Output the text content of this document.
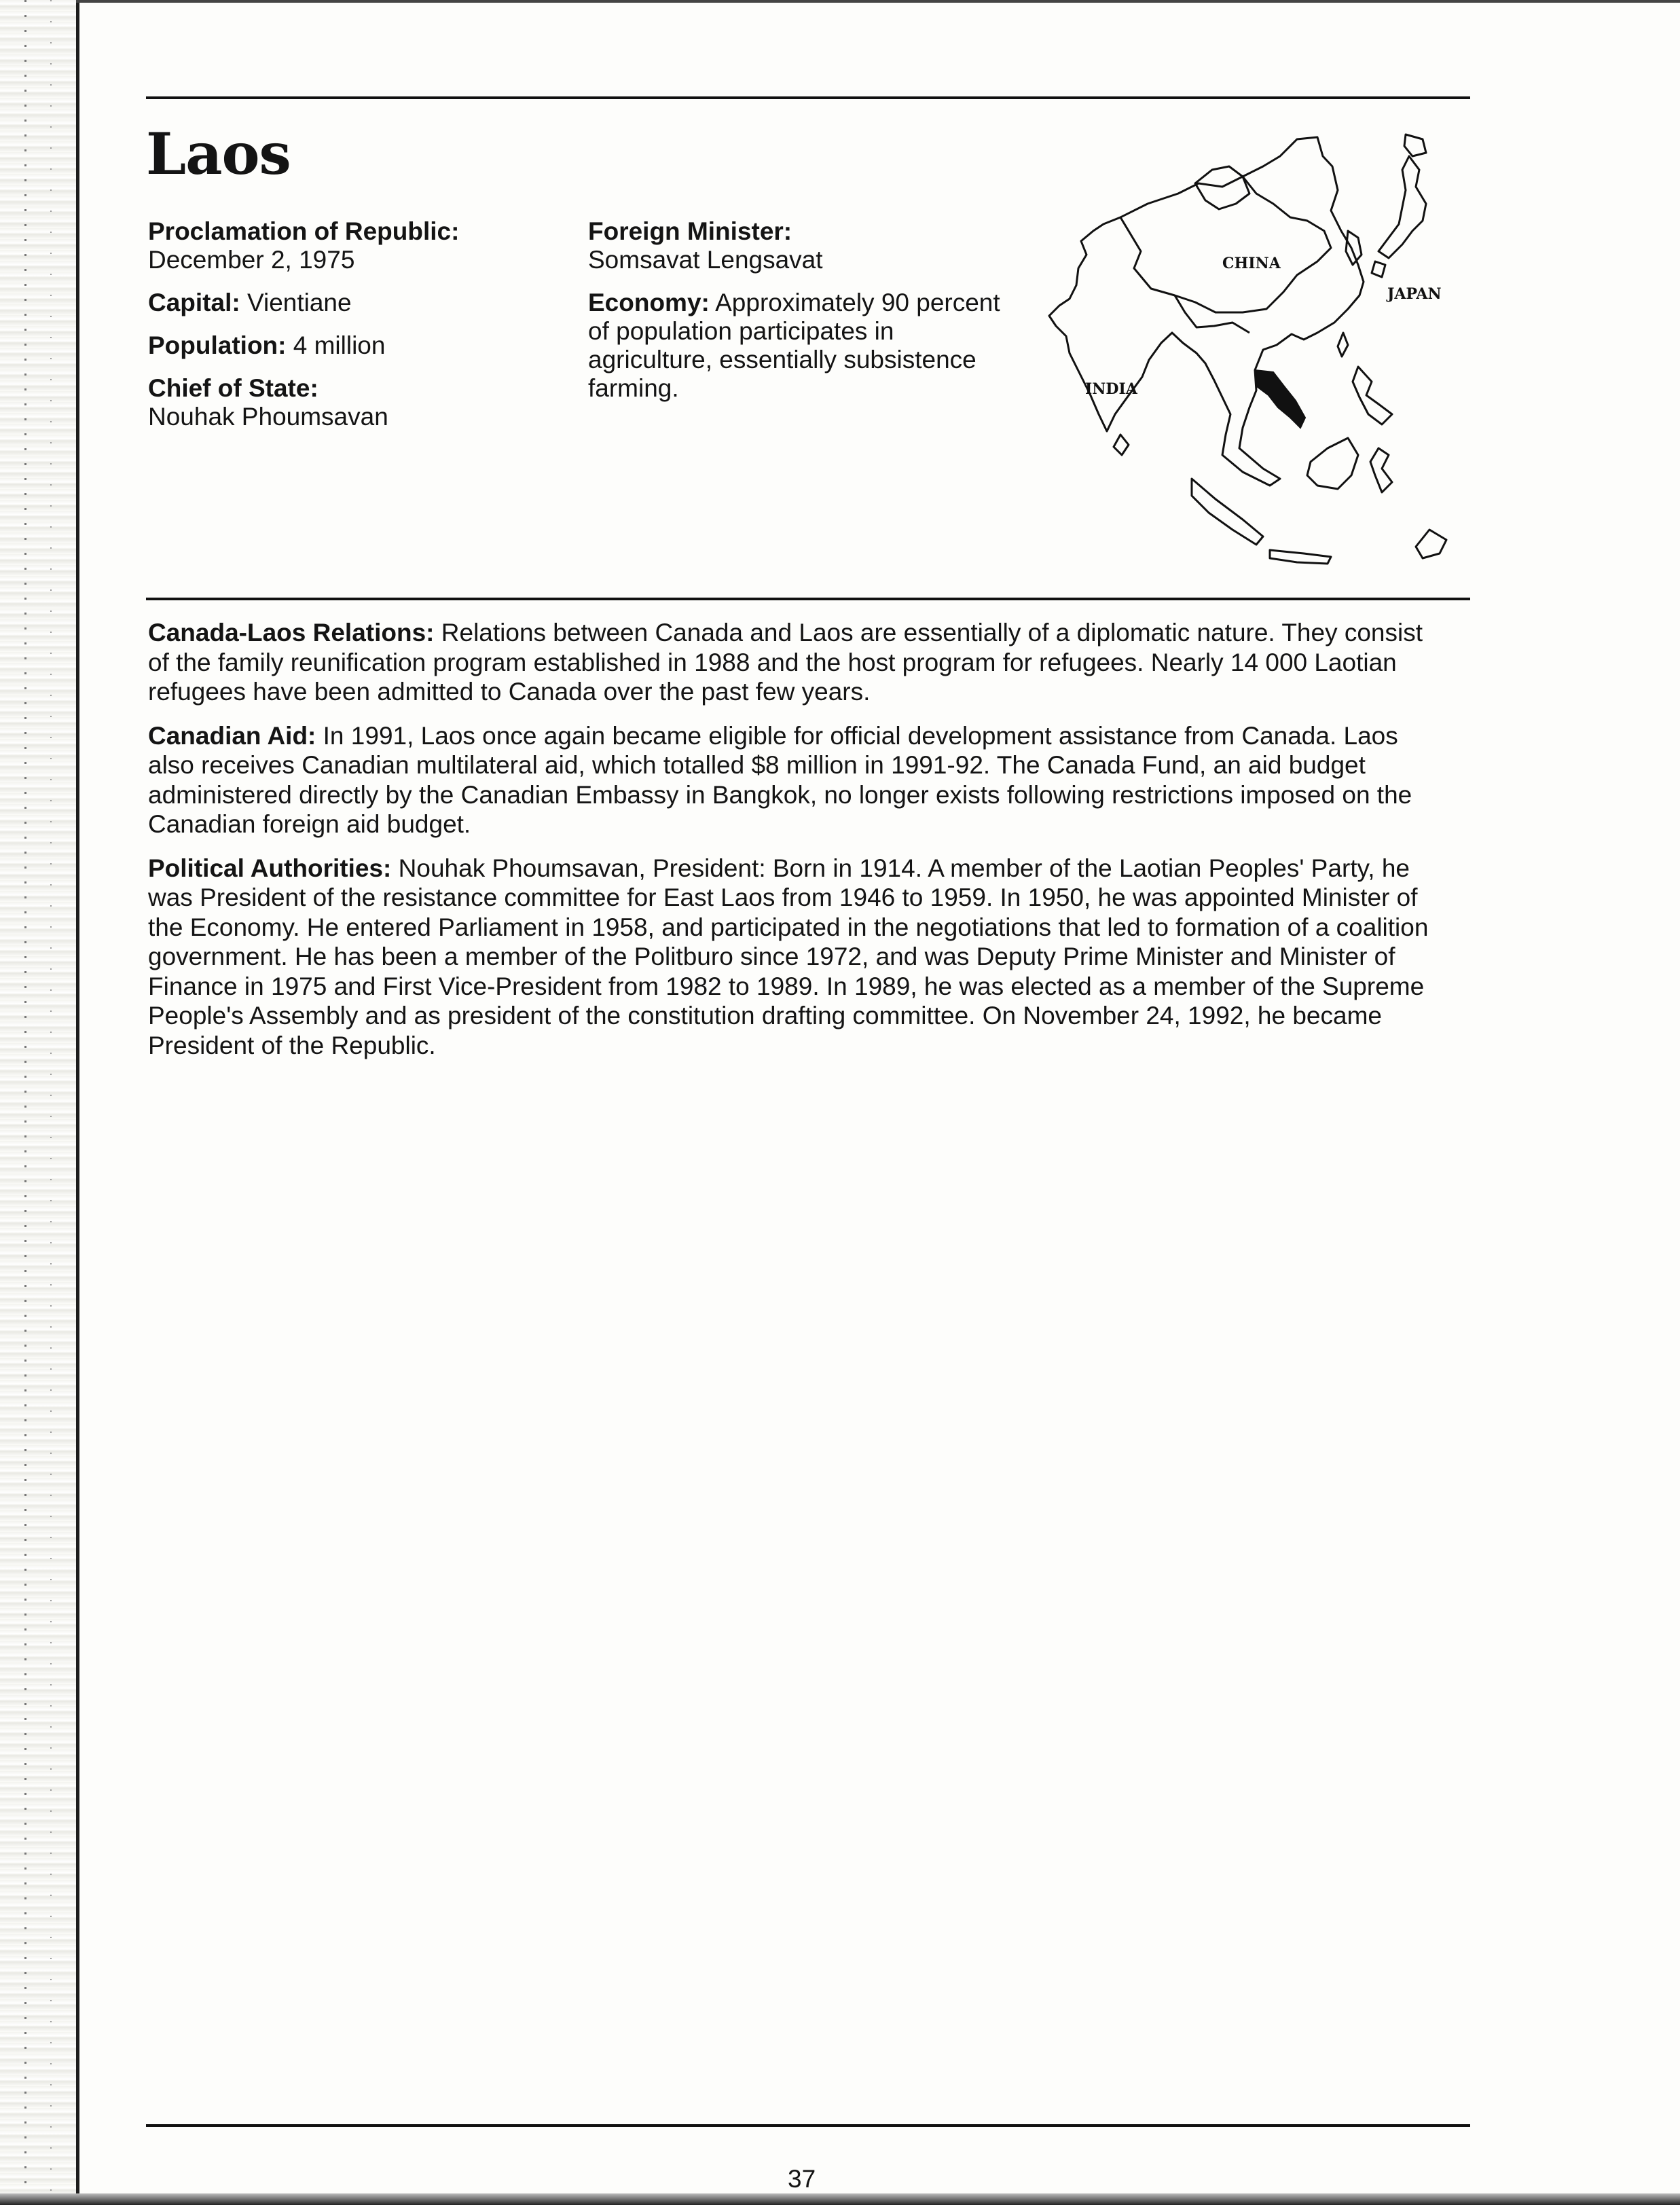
Laos
Proclamation of Republic:
December 2, 1975
Capital: Vientiane
Population: 4 million
Chief of State:
Nouhak Phoumsavan
Foreign Minister:
Somsavat Lengsavat
Economy: Approximately 90 percent of population participates in agriculture, essentially subsistence farming.
CHINA
JAPAN
INDIA

Canada-Laos Relations: Relations between Canada and Laos are essentially of a diplomatic nature. They consist of the family reunification program established in 1988 and the host program for refugees. Nearly 14 000 Laotian refugees have been admitted to Canada over the past few years.

Canadian Aid: In 1991, Laos once again became eligible for official development assistance from Canada. Laos also receives Canadian multilateral aid, which totalled $8 million in 1991-92. The Canada Fund, an aid budget administered directly by the Canadian Embassy in Bangkok, no longer exists following restrictions imposed on the Canadian foreign aid budget.

Political Authorities: Nouhak Phoumsavan, President: Born in 1914. A member of the Laotian Peoples' Party, he was President of the resistance committee for East Laos from 1946 to 1959. In 1950, he was appointed Minister of the Economy. He entered Parliament in 1958, and participated in the negotiations that led to formation of a coalition government. He has been a member of the Politburo since 1972, and was Deputy Prime Minister and Minister of Finance in 1975 and First Vice-President from 1982 to 1989. In 1989, he was elected as a member of the Supreme People's Assembly and as president of the constitution drafting committee. On November 24, 1992, he became President of the Republic.

37
